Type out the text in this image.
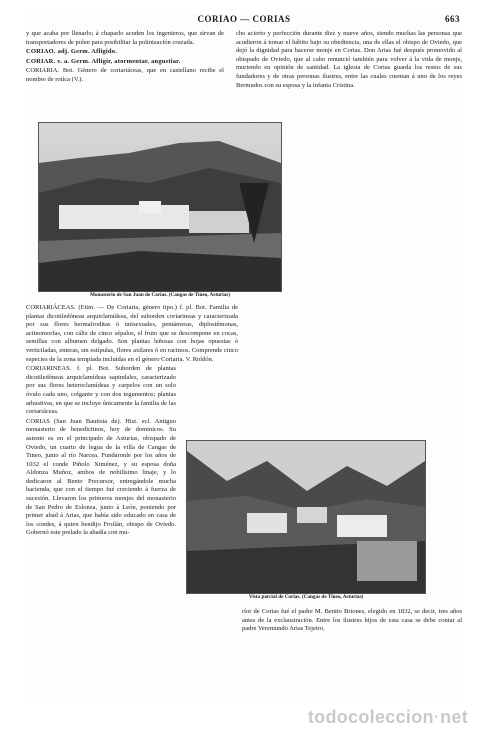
CORIAO — CORIAS	663

y que acaba por llenarlo; á chaparlo acuden los ingenieros, que sirvan de transportadores de polen para posibilitar la polinización cruzada.

CORIAO. adj. Germ. Afligido.

CORIAR. v. a. Germ. Afligir, atormentar, angustiar.

CORIARIA. Bot. Género de coriariáceas, que en castellano recibe el nombre de rotíca (V.).

cho acierto y perfección durante diez y nueve años, siendo muchas las personas que acudieron á tomar el hábito bajo su obediencia, una de ellas el obispo de Oviedo, que dejó la dignidad para hacerse monje en Corias. Don Arias fué después promovido al obispado de Oviedo, que al cabo renunció también para volver á la vida de monje, muriendo en opinión de santidad. La iglesia de Corias guarda los restos de sus fundadores y de otras personas ilustres, entre las cuales cuentan á uno de los reyes Bermudos con su esposa y la infanta Cristina.

Monasterio de San Juan de Corias. (Cangas de Tineo, Asturias)

CORIARIÁCEAS. (Etim. — De Coriaria, género tipo.) f. pl. Bot. Familia de plantas dicotiledóneas arquiclamídeas, del suborden coriarineas y caracterizada por sus flores hermafroditas ó unisexuales, pentámeras, diplostémonas, actinomorfas, con cáliz de cinco sépalos, el fruto que se descompone en cocas, semillas con albumen delgado. Son plantas leñosas con hojas opuestas ó verticiladas, enteras, sin estípulas, flores axilares ó en racimos. Comprende cinco especies de la zona templada incluidas en el género Coriaria. V. Roldón.

CORIARINEAS. f. pl. Bot. Suborden de plantas dicotiledóneas arquiclamídeas sapindales, caracterizado por sus flores heteroclamídeas y carpelos con un solo óvulo cada uno, colgante y con dos tegumentos; plantas arbustivas, en que se incluye únicamente la familia de las coriariáceas.

CORIAS (San Juan Bautista de). Hist. ecl. Antiguo monasterio de benedictinos, hoy de dominicos. Su asiento es en el principado de Asturias, obispado de Oviedo, un cuarto de legua de la villa de Cangas de Tineo, junto al río Narcea. Fundaronle por los años de 1032 el conde Piñolo Ximénez, y su esposa doña Aldonza Muñoz, ambos de nobilísimo linaje, y lo dedicaron al Bento Precursor, entregándole mucha hacienda, que con el tiempo fué creciendo á fuerza de sucesión. Llevaron los primeros monjes del monasterio de San Pedro de Eslonza, junto á León, poniendo por primer abad á Arias, que había sido educado en casa de los condes, á quien bendijo Froilán, obispo de Oviedo. Gobernó este prelado la abadía con mu-

Vista parcial de Corias. (Cangas de Tineo, Asturias)

ríor de Corias fué el padre M. Benito Briones, elegido en 1832, se decir, tres años antes de la exclaustración. Entre los ilustres hijos de esta casa se debe contar al padre Veremundo Arias Tejeiro,

todocoleccion·net
